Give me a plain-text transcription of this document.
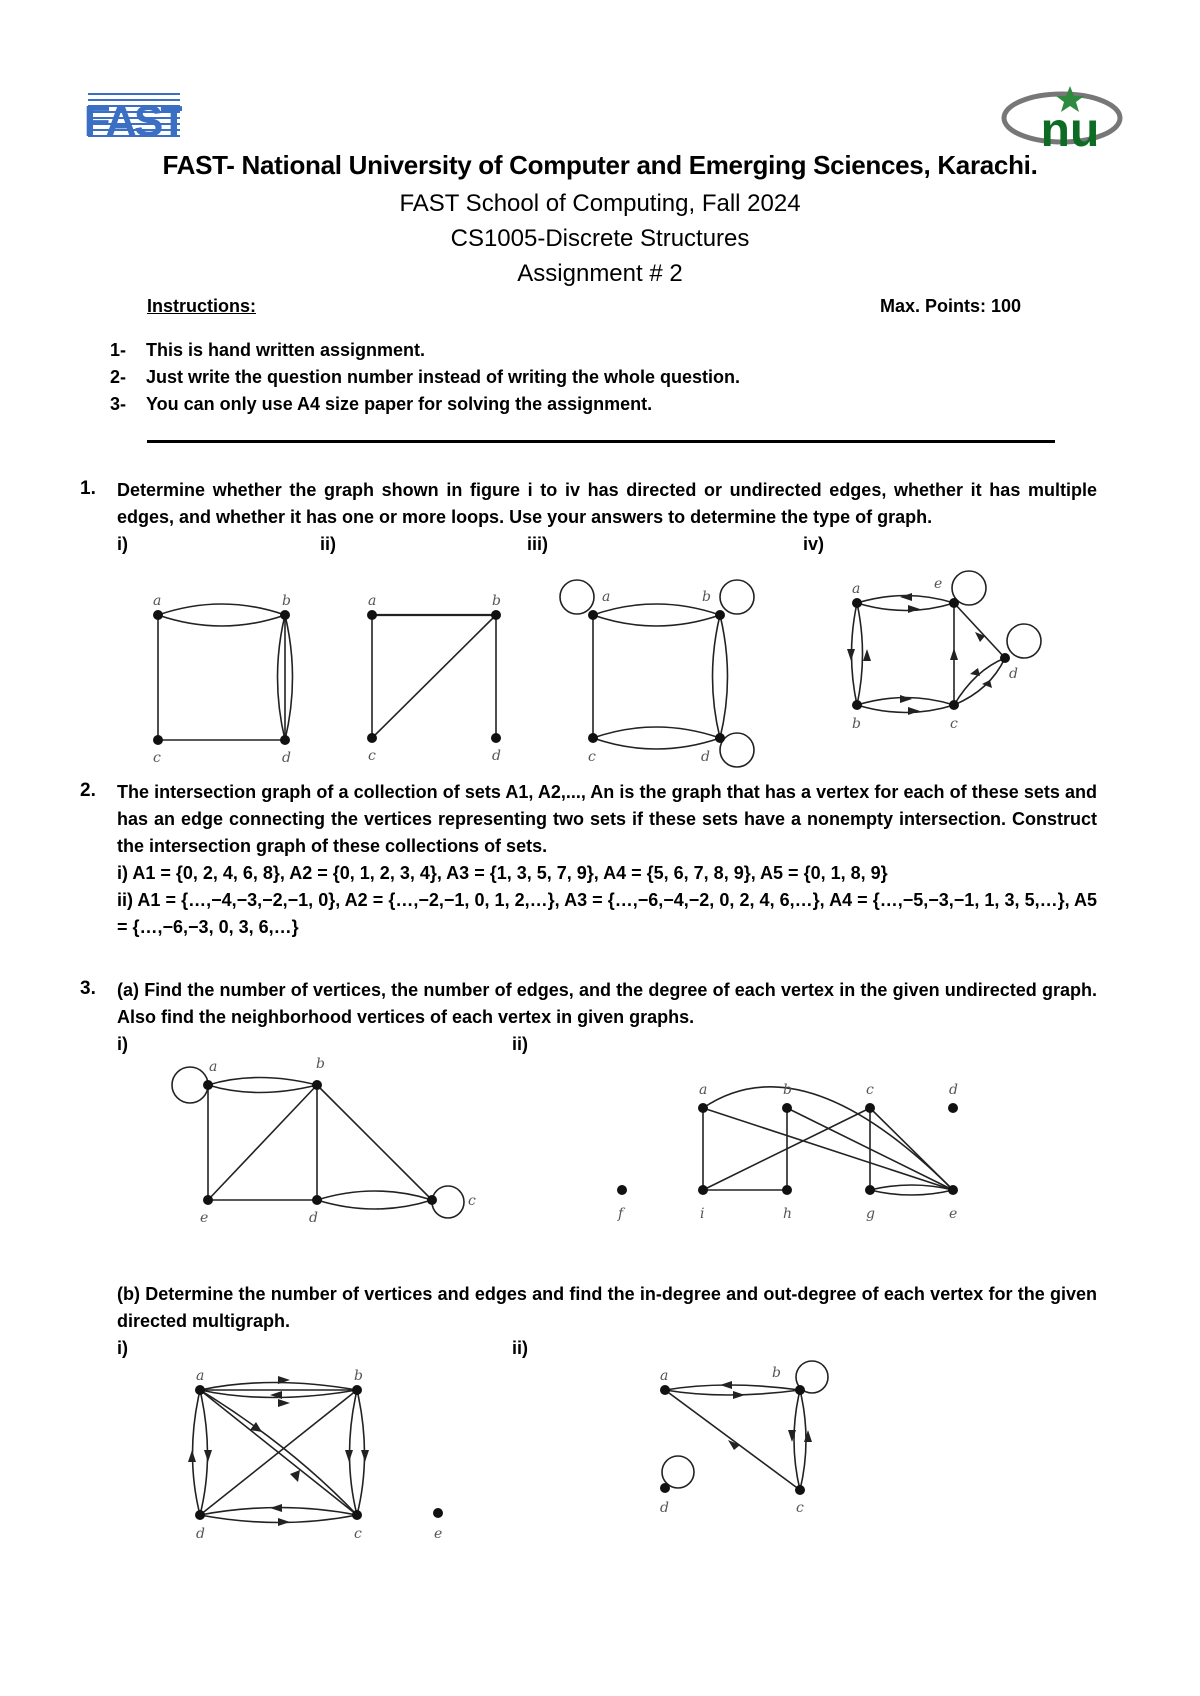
FAST	nu
FAST- National University of Computer and Emerging Sciences, Karachi.
FAST School of Computing, Fall 2024
CS1005-Discrete Structures
Assignment # 2
Instructions:	Max. Points: 100
1- This is hand written assignment.
2- Just write the question number instead of writing the whole question.
3- You can only use A4 size paper for solving the assignment.
1. Determine whether the graph shown in figure i to iv has directed or undirected edges, whether it has multiple edges, and whether it has one or more loops. Use your answers to determine the type of graph.
i)	ii)	iii)	iv)
a	b
c	d
a	b
c	d
a	b
c	d
a	e
d
b	c
2. The intersection graph of a collection of sets A1, A2,..., An is the graph that has a vertex for each of these sets and has an edge connecting the vertices representing two sets if these sets have a nonempty intersection. Construct the intersection graph of these collections of sets.
i) A1 = {0, 2, 4, 6, 8}, A2 = {0, 1, 2, 3, 4}, A3 = {1, 3, 5, 7, 9}, A4 = {5, 6, 7, 8, 9}, A5 = {0, 1, 8, 9}
ii) A1 = {…,−4,−3,−2,−1, 0}, A2 = {…,−2,−1, 0, 1, 2,…}, A3 = {…,−6,−4,−2, 0, 2, 4, 6,…}, A4 = {…,−5,−3,−1, 1, 3, 5,…}, A5 = {…,−6,−3, 0, 3, 6,…}
3. (a) Find the number of vertices, the number of edges, and the degree of each vertex in the given undirected graph. Also find the neighborhood vertices of each vertex in given graphs.
i)	ii)
a	b
c
d
e
a	b	c	d
f	i	h	g	e
(b) Determine the number of vertices and edges and find the in-degree and out-degree of each vertex for the given directed multigraph.
i)	ii)
a	b
d	c	e
a	b
d	c
